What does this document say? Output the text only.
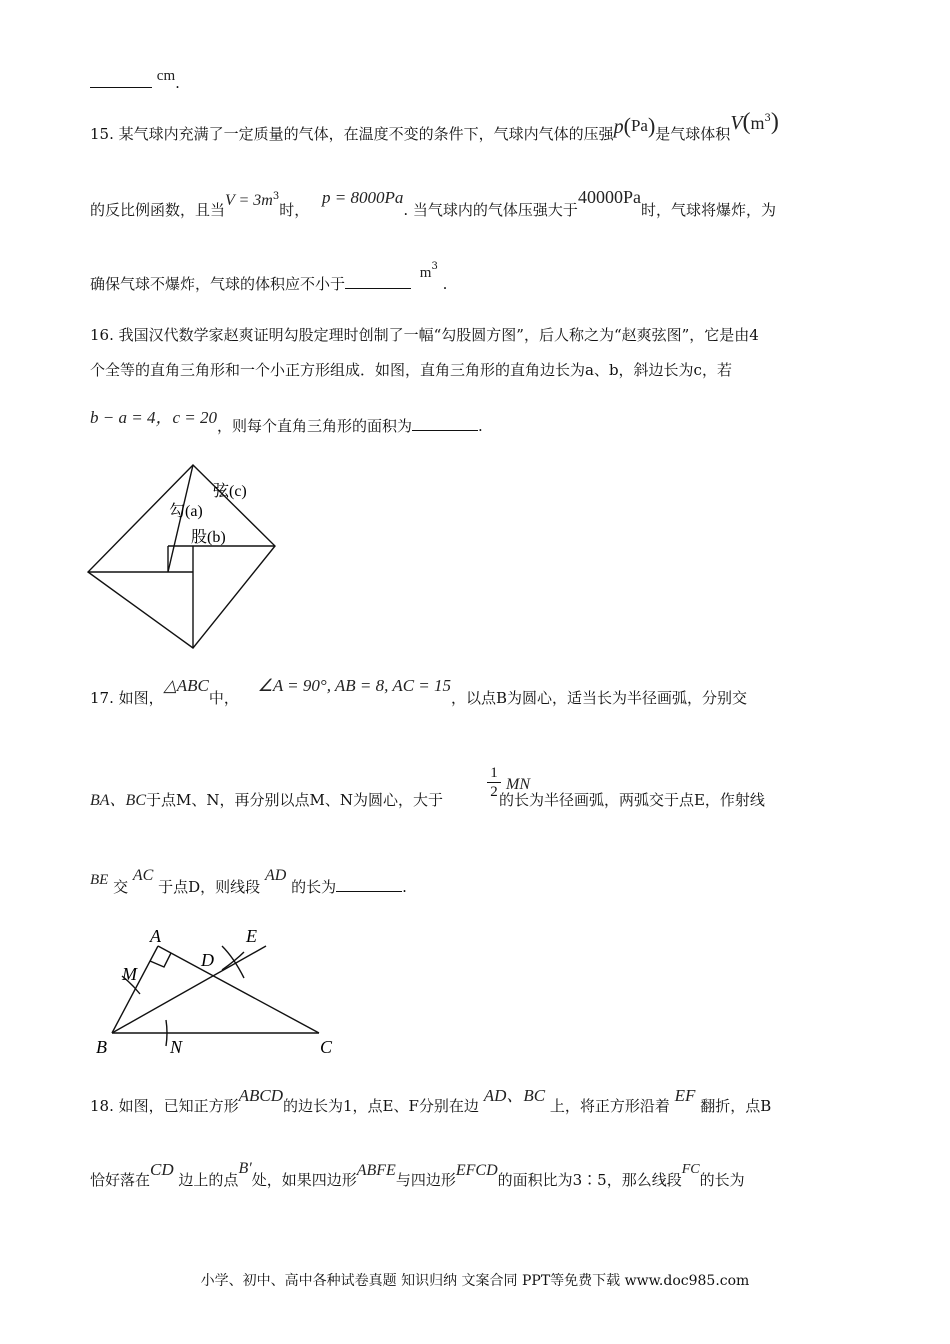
cm.
15. 某气球内充满了一定质量的气体，在温度不变的条件下，气球内气体的压强p(Pa)是气球体积$V(m^3)$
的反比例函数，且当$V = 3m^3$时， p = 8000Pa. 当气球内的气体压强大于40000Pa时，气球将爆炸，为
确保气球不爆炸，气球的体积应不小于 $m^3$ .
16. 我国汉代数学家赵爽证明勾股定理时创制了一幅“勾股圆方图”，后人称之为“赵爽弦图”，它是由4
个全等的直角三角形和一个小正方形组成．如图，直角三角形的直角边长为a、b，斜边长为c，若
b − a = 4，c = 20，则每个直角三角形的面积为	.
弦(c)
勾(a)
股(b)
17. 如图，△ABC中， ∠A = 90°, AB = 8, AC = 15，以点B为圆心，适当长为半径画弧，分别交
BA、BC于点M、N，再分别以点M、N为圆心，大于	的长为半径画弧，两弧交于点E，作射线
1
2 MN
BE 交 AC 于点D，则线段 AD 的长为	.
A
B	C
D
E
M
N
18. 如图，已知正方形ABCD的边长为1，点E、F分别在边 AD、BC 上，将正方形沿着 EF 翻折，点B
恰好落在CD 边上的点B′处，如果四边形ABFE与四边形EFCD的面积比为3∶5，那么线段FC的长为
小学、初中、高中各种试卷真题 知识归纳 文案合同 PPT等免费下载 www.doc985.com
